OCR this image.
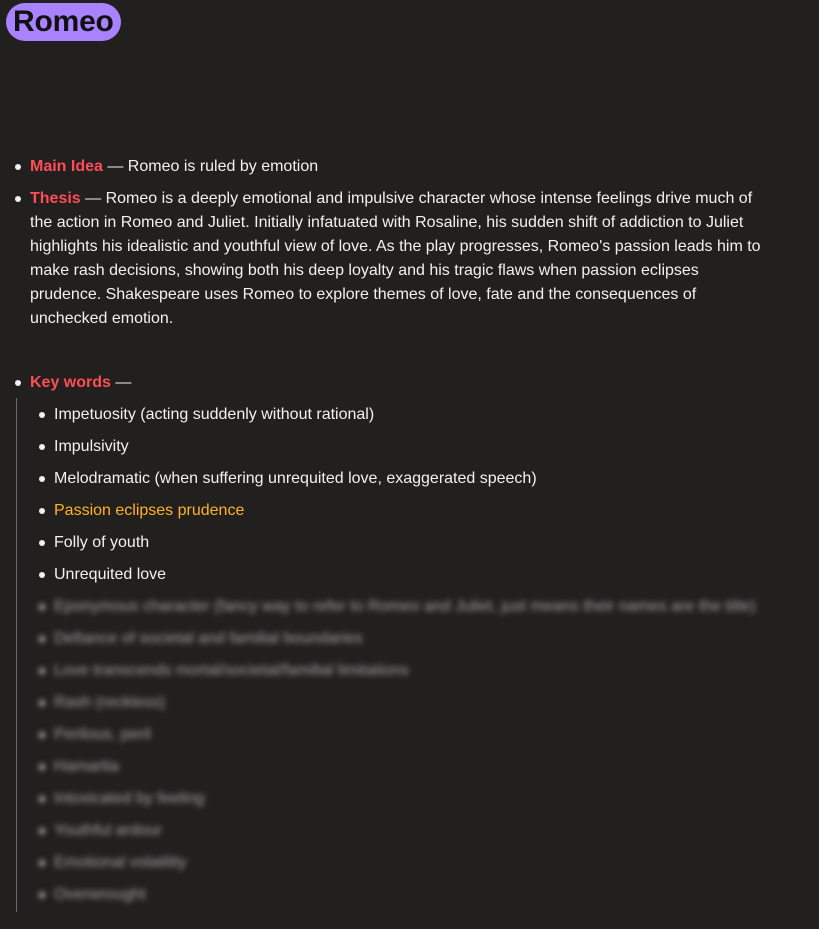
Romeo
Main Idea — Romeo is ruled by emotion
Thesis — Romeo is a deeply emotional and impulsive character whose intense feelings drive much of the action in Romeo and Juliet. Initially infatuated with Rosaline, his sudden shift of addiction to Juliet highlights his idealistic and youthful view of love. As the play progresses, Romeo's passion leads him to make rash decisions, showing both his deep loyalty and his tragic flaws when passion eclipses prudence. Shakespeare uses Romeo to explore themes of love, fate and the consequences of unchecked emotion.
Key words —
Impetuosity (acting suddenly without rational)
Impulsivity
Melodramatic (when suffering unrequited love, exaggerated speech)
Passion eclipses prudence
Folly of youth
Unrequited love
Eponymous character (fancy way to refer to Romeo and Juliet, just means their names are the title)
Defiance of societal and familial boundaries
Love transcends mortal/societal/familial limitations
Rash (reckless)
Perilous, peril
Hamartia
Intoxicated by feeling
Youthful ardour
Emotional volatility
Overwrought
